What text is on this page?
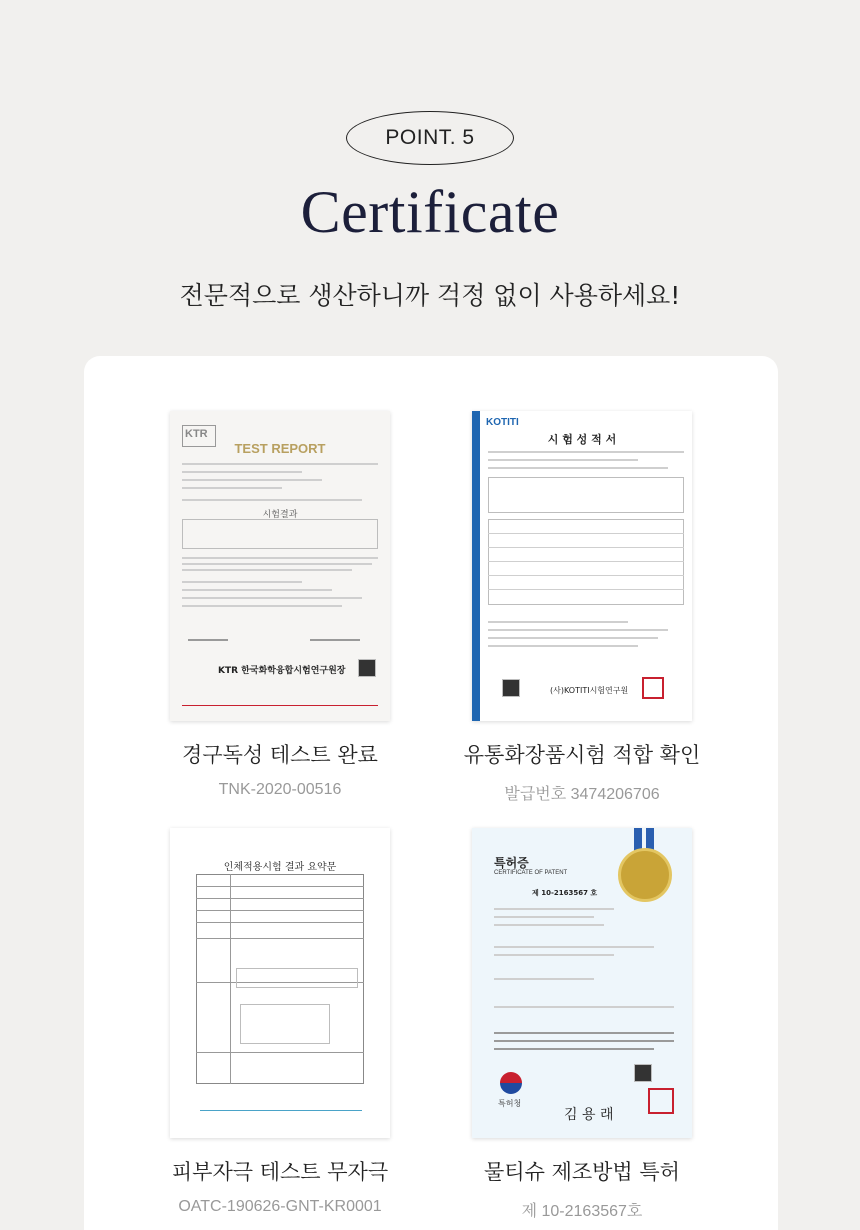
POINT. 5
Certificate
전문적으로 생산하니까 걱정 없이 사용하세요!
KTR
TEST REPORT
시험결과
KTR 한국화학융합시험연구원장
경구독성 테스트 완료
TNK-2020-00516
KOTITI
시 험 성 적 서
(사)KOTITI시험연구원
유통화장품시험 적합 확인
발급번호 3474206706
인체적용시험 결과 요약문
피부자극 테스트 무자극
OATC-190626-GNT-KR0001
특허증
CERTIFICATE OF PATENT
제 10-2163567 호
특허청
김 용 래
물티슈 제조방법 특허
제 10-2163567호
